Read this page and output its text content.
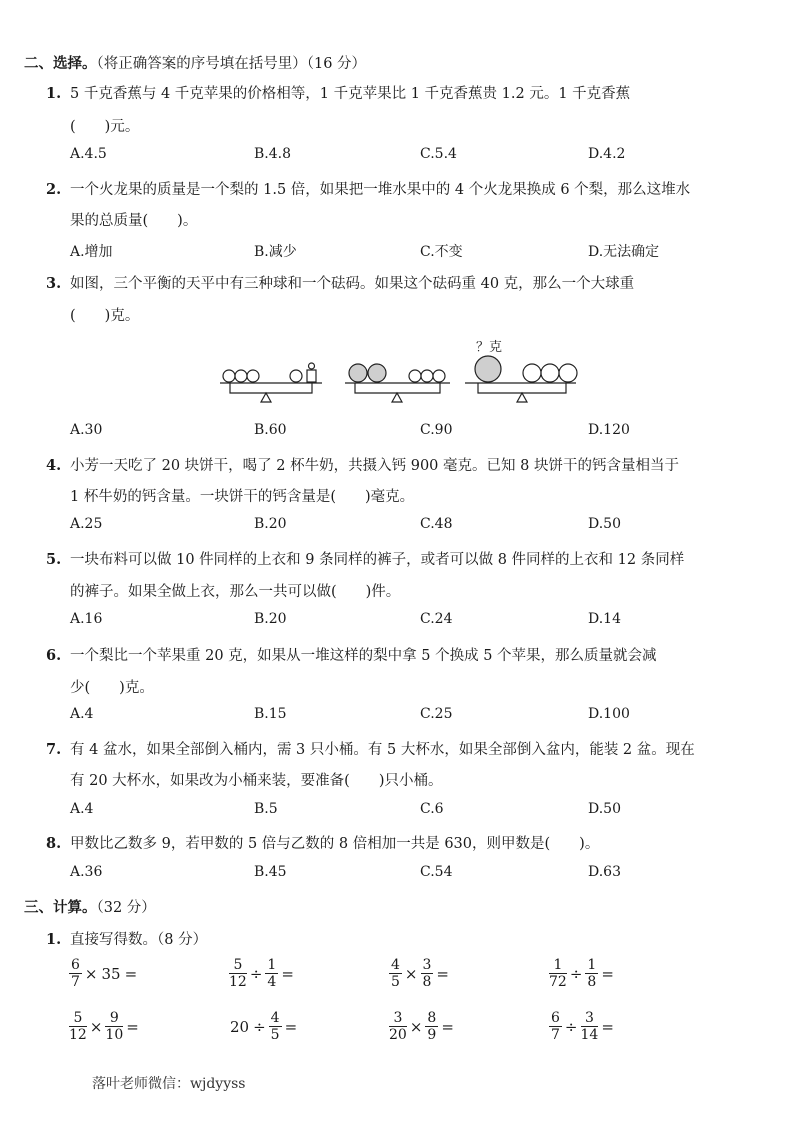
二、选择。（将正确答案的序号填在括号里）（16 分）
1. 5 千克香蕉与 4 千克苹果的价格相等，1 千克苹果比 1 千克香蕉贵 1.2 元。1 千克香蕉
(　　)元。
A.4.5	B.4.8	C.5.4	D.4.2
2. 一个火龙果的质量是一个梨的 1.5 倍，如果把一堆水果中的 4 个火龙果换成 6 个梨，那么这堆水
果的总质量(　　)。
A.增加	B.减少	C.不变	D.无法确定
3. 如图，三个平衡的天平中有三种球和一个砝码。如果这个砝码重 40 克，那么一个大球重
(　　)克。
？克
A.30	B.60	C.90	D.120
4. 小芳一天吃了 20 块饼干，喝了 2 杯牛奶，共摄入钙 900 毫克。已知 8 块饼干的钙含量相当于
1 杯牛奶的钙含量。一块饼干的钙含量是(　　)毫克。
A.25	B.20	C.48	D.50
5. 一块布料可以做 10 件同样的上衣和 9 条同样的裤子，或者可以做 8 件同样的上衣和 12 条同样
的裤子。如果全做上衣，那么一共可以做(　　)件。
A.16	B.20	C.24	D.14
6. 一个梨比一个苹果重 20 克，如果从一堆这样的梨中拿 5 个换成 5 个苹果，那么质量就会减
少(　　)克。
A.4	B.15	C.25	D.100
7. 有 4 盆水，如果全部倒入桶内，需 3 只小桶。有 5 大杯水，如果全部倒入盆内，能装 2 盆。现在
有 20 大杯水，如果改为小桶来装，要准备(　　)只小桶。
A.4	B.5	C.6	D.50
8. 甲数比乙数多 9，若甲数的 5 倍与乙数的 8 倍相加一共是 630，则甲数是(　　)。
A.36	B.45	C.54	D.63
三、计算。（32 分）
1. 直接写得数。（8 分）
$\frac{6}{7} \times 35$ =	$\frac{5}{12} \div \frac{1}{4}$ =	$\frac{4}{5} \times \frac{3}{8}$ =	$\frac{1}{72} \div \frac{1}{8}$ =
$\frac{5}{12} \times \frac{9}{10}$ =	$20 \div \frac{4}{5}$ =	$\frac{3}{20} \times \frac{8}{9}$ =	$\frac{6}{7} \div \frac{3}{14}$ =
落叶老师微信：wjdyyss
